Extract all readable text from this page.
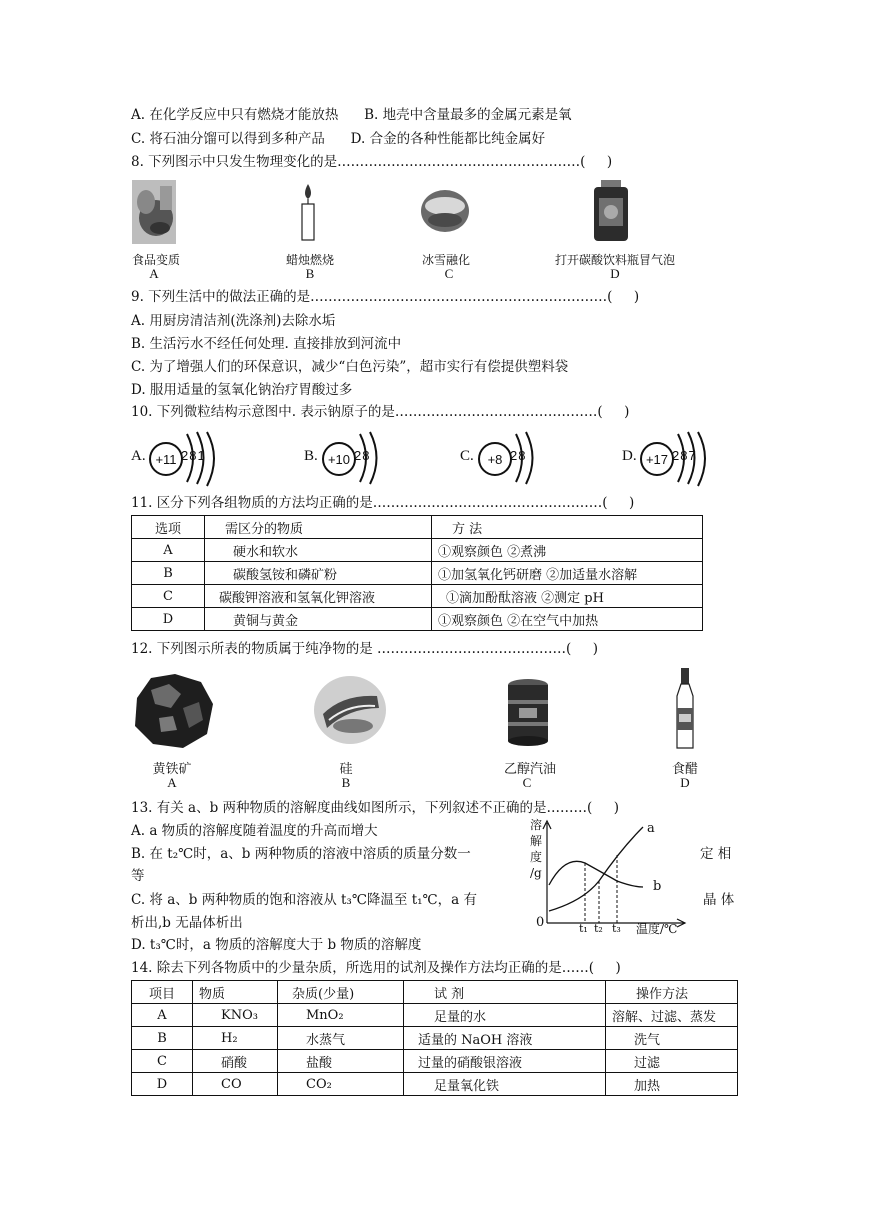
A. 在化学反应中只有燃烧才能放热      B. 地壳中含量最多的金属元素是氧
C. 将石油分馏可以得到多种产品      D. 合金的各种性能都比纯金属好
8. 下列图示中只发生物理变化的是………………………………………………(     )
食品变质
A
蜡烛燃烧
B
冰雪融化
C
打开碳酸饮料瓶冒气泡
D
9. 下列生活中的做法正确的是…………………………………………………………(     )
A. 用厨房清洁剂(洗涤剂)去除水垢
B. 生活污水不经任何处理. 直接排放到河流中
C. 为了增强人们的环保意识，减少“白色污染”，超市实行有偿提供塑料袋
D. 服用适量的氢氧化钠治疗胃酸过多
10. 下列微粒结构示意图中. 表示钠原子的是………………………………………(     )
A. +11 281	B. +10 28	C.	+8 28	D. +17 287
11. 区分下列各组物质的方法均正确的是……………………………………………(     )
选项	需区分的物质	方 法
A	硬水和软水	①观察颜色 ②煮沸
B	碳酸氢铵和磷矿粉	①加氢氧化钙研磨 ②加适量水溶解
C	碳酸钾溶液和氢氧化钾溶液	①滴加酚酞溶液 ②测定 pH
D	黄铜与黄金	①观察颜色 ②在空气中加热
12. 下列图示所表的物质属于纯净物的是 ……………………………………(     )
黄铁矿
A
硅
B
乙醇汽油
C
食醋
D
13. 有关 a、b 两种物质的溶解度曲线如图所示，下列叙述不正确的是………(     )
A. a 物质的溶解度随着温度的升高而增大
B. 在 t₂℃时，a、b 两种物质的溶液中溶质的质量分数一	定 相
等
C. 将 a、b 两种物质的饱和溶液从 t₃℃降温至 t₁℃，a 有	晶 体
析出,b 无晶体析出
D. t₃℃时，a 物质的溶解度大于 b 物质的溶解度
溶
解
度
/g
a
b
0	t₁ t₂ t₃ 温度/℃
14. 除去下列各物质中的少量杂质，所选用的试剂及操作方法均正确的是……(     )
项目	物质	杂质(少量)	试 剂	操作方法
A	KNO₃	MnO₂	足量的水	溶解、过滤、蒸发
B	H₂	水蒸气	适量的 NaOH 溶液	洗气
C	硝酸	盐酸	过量的硝酸银溶液	过滤
D	CO	CO₂	足量氧化铁	加热
